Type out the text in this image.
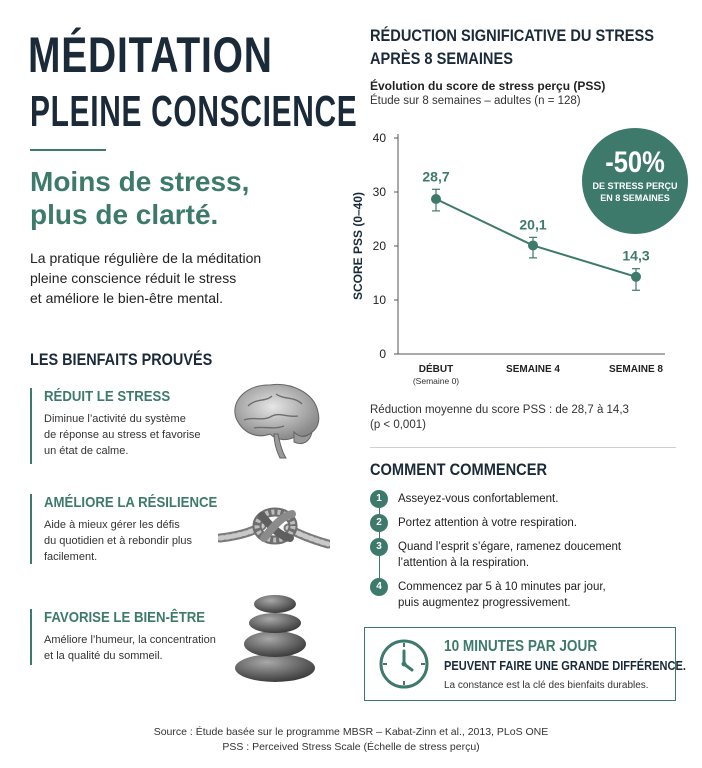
MÉDITATION
PLEINE CONSCIENCE
Moins de stress,
plus de clarté.
La pratique régulière de la méditation
pleine conscience réduit le stress
et améliore le bien-être mental.
LES BIENFAITS PROUVÉS
RÉDUIT LE STRESS
Diminue l’activité du système
de réponse au stress et favorise
un état de calme.
AMÉLIORE LA RÉSILIENCE
Aide à mieux gérer les défis
du quotidien et à rebondir plus
facilement.
FAVORISE LE BIEN-ÊTRE
Améliore l’humeur, la concentration
et la qualité du sommeil.
RÉDUCTION SIGNIFICATIVE DU STRESS
APRÈS 8 SEMAINES
Évolution du score de stress perçu (PSS)
Étude sur 8 semaines – adultes (n = 128)
0
10
20
30
40
SCORE PSS (0–40)
28,7
DÉBUT
(Semaine 0)
20,1
SEMAINE 4
14,3
SEMAINE 8
-50%
DE STRESS PERÇU
EN 8 SEMAINES
Réduction moyenne du score PSS : de 28,7 à 14,3
(p < 0,001)
COMMENT COMMENCER
1	Asseyez-vous confortablement.
2	Portez attention à votre respiration.
3	Quand l’esprit s’égare, ramenez doucement
l’attention à la respiration.
4	Commencez par 5 à 10 minutes par jour,
puis augmentez progressivement.
10 MINUTES PAR JOUR
PEUVENT FAIRE UNE GRANDE DIFFÉRENCE.
La constance est la clé des bienfaits durables.
Source : Étude basée sur le programme MBSR – Kabat-Zinn et al., 2013, PLoS ONE
PSS : Perceived Stress Scale (Échelle de stress perçu)
